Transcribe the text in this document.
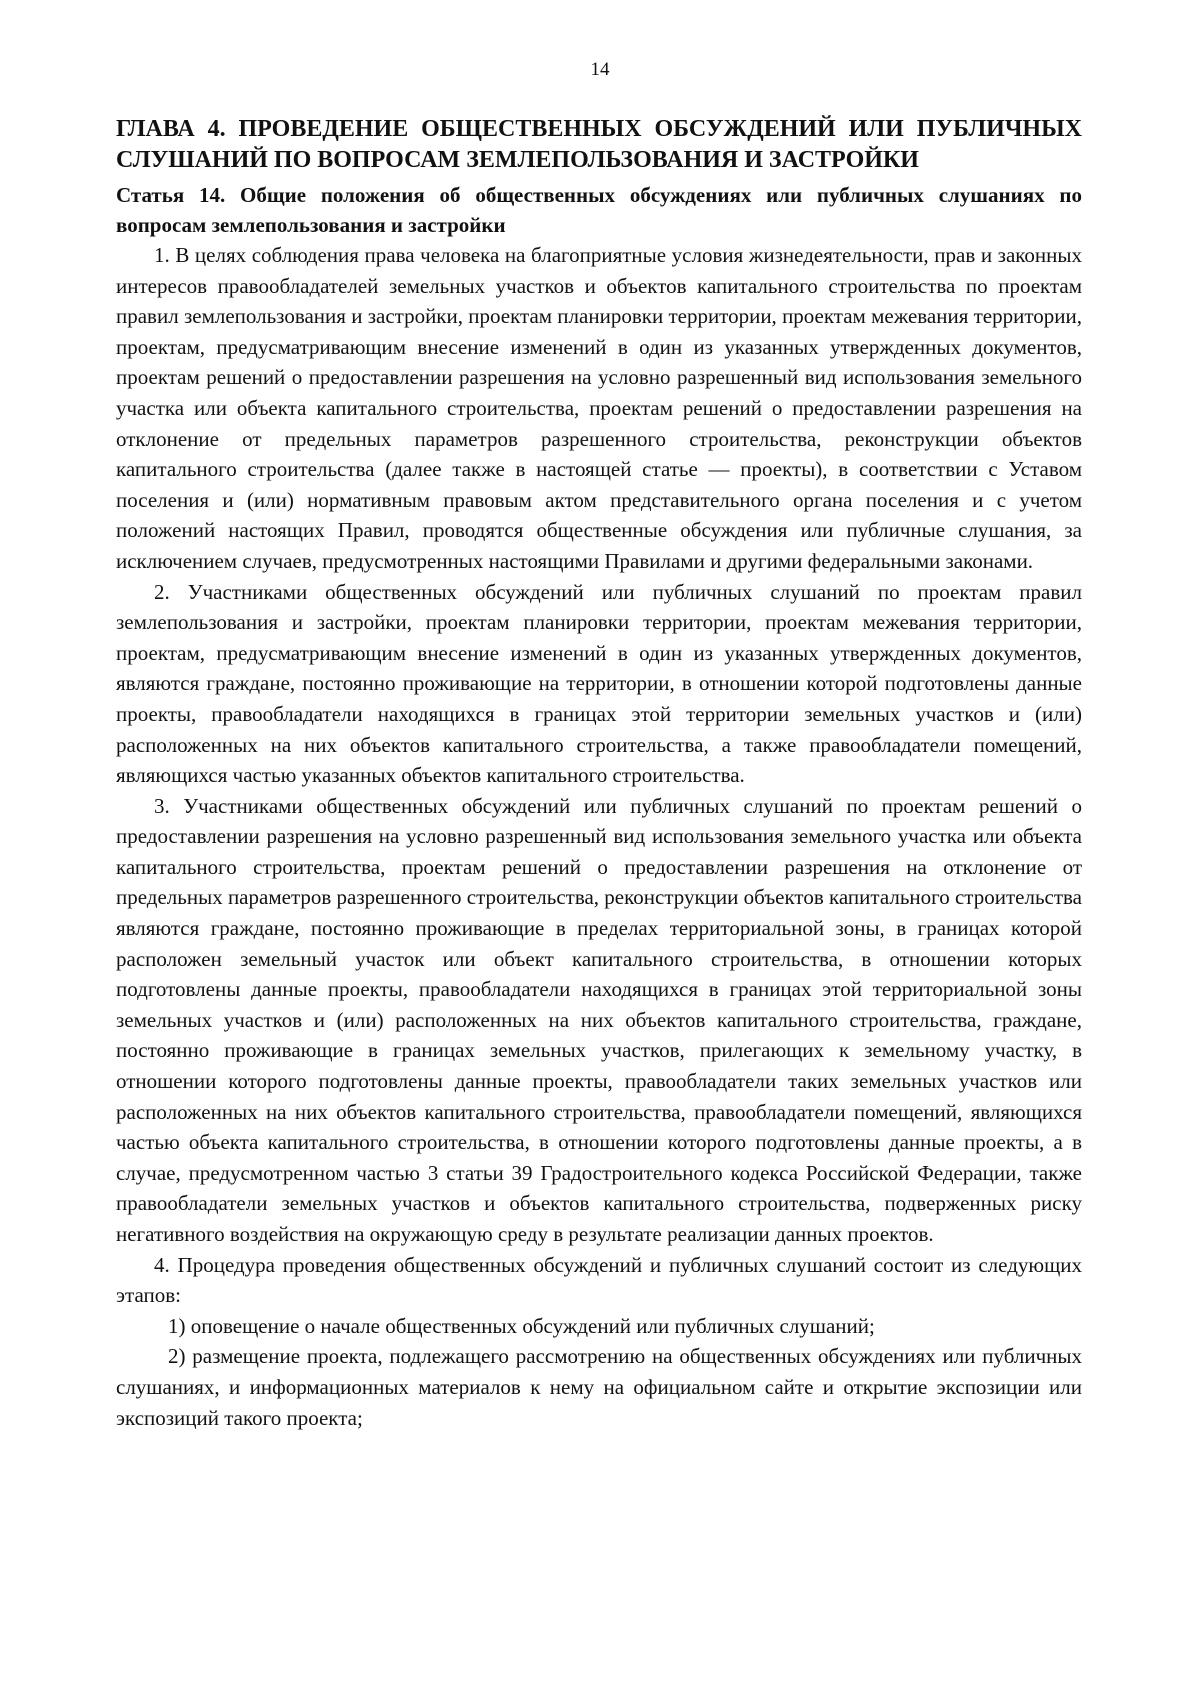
14

ГЛАВА 4. ПРОВЕДЕНИЕ ОБЩЕСТВЕННЫХ ОБСУЖДЕНИЙ ИЛИ ПУБЛИЧНЫХ СЛУШАНИЙ ПО ВОПРОСАМ ЗЕМЛЕПОЛЬЗОВАНИЯ И ЗАСТРОЙКИ

Статья 14. Общие положения об общественных обсуждениях или публичных слушаниях по вопросам землепользования и застройки

1. В целях соблюдения права человека на благоприятные условия жизнедеятельности, прав и законных интересов правообладателей земельных участков и объектов капитального строительства по проектам правил землепользования и застройки, проектам планировки территории, проектам межевания территории, проектам, предусматривающим внесение изменений в один из указанных утвержденных документов, проектам решений о предоставлении разрешения на условно разрешенный вид использования земельного участка или объекта капитального строительства, проектам решений о предоставлении разрешения на отклонение от предельных параметров разрешенного строительства, реконструкции объектов капитального строительства (далее также в настоящей статье — проекты), в соответствии с Уставом поселения и (или) нормативным правовым актом представительного органа поселения и с учетом положений настоящих Правил, проводятся общественные обсуждения или публичные слушания, за исключением случаев, предусмотренных настоящими Правилами и другими федеральными законами.

2. Участниками общественных обсуждений или публичных слушаний по проектам правил землепользования и застройки, проектам планировки территории, проектам межевания территории, проектам, предусматривающим внесение изменений в один из указанных утвержденных документов, являются граждане, постоянно проживающие на территории, в отношении которой подготовлены данные проекты, правообладатели находящихся в границах этой территории земельных участков и (или) расположенных на них объектов капитального строительства, а также правообладатели помещений, являющихся частью указанных объектов капитального строительства.

3. Участниками общественных обсуждений или публичных слушаний по проектам решений о предоставлении разрешения на условно разрешенный вид использования земельного участка или объекта капитального строительства, проектам решений о предоставлении разрешения на отклонение от предельных параметров разрешенного строительства, реконструкции объектов капитального строительства являются граждане, постоянно проживающие в пределах территориальной зоны, в границах которой расположен земельный участок или объект капитального строительства, в отношении которых подготовлены данные проекты, правообладатели находящихся в границах этой территориальной зоны земельных участков и (или) расположенных на них объектов капитального строительства, граждане, постоянно проживающие в границах земельных участков, прилегающих к земельному участку, в отношении которого подготовлены данные проекты, правообладатели таких земельных участков или расположенных на них объектов капитального строительства, правообладатели помещений, являющихся частью объекта капитального строительства, в отношении которого подготовлены данные проекты, а в случае, предусмотренном частью 3 статьи 39 Градостроительного кодекса Российской Федерации, также правообладатели земельных участков и объектов капитального строительства, подверженных риску негативного воздействия на окружающую среду в результате реализации данных проектов.

4. Процедура проведения общественных обсуждений и публичных слушаний состоит из следующих этапов:

1) оповещение о начале общественных обсуждений или публичных слушаний;

2) размещение проекта, подлежащего рассмотрению на общественных обсуждениях или публичных слушаниях, и информационных материалов к нему на официальном сайте и открытие экспозиции или экспозиций такого проекта;
